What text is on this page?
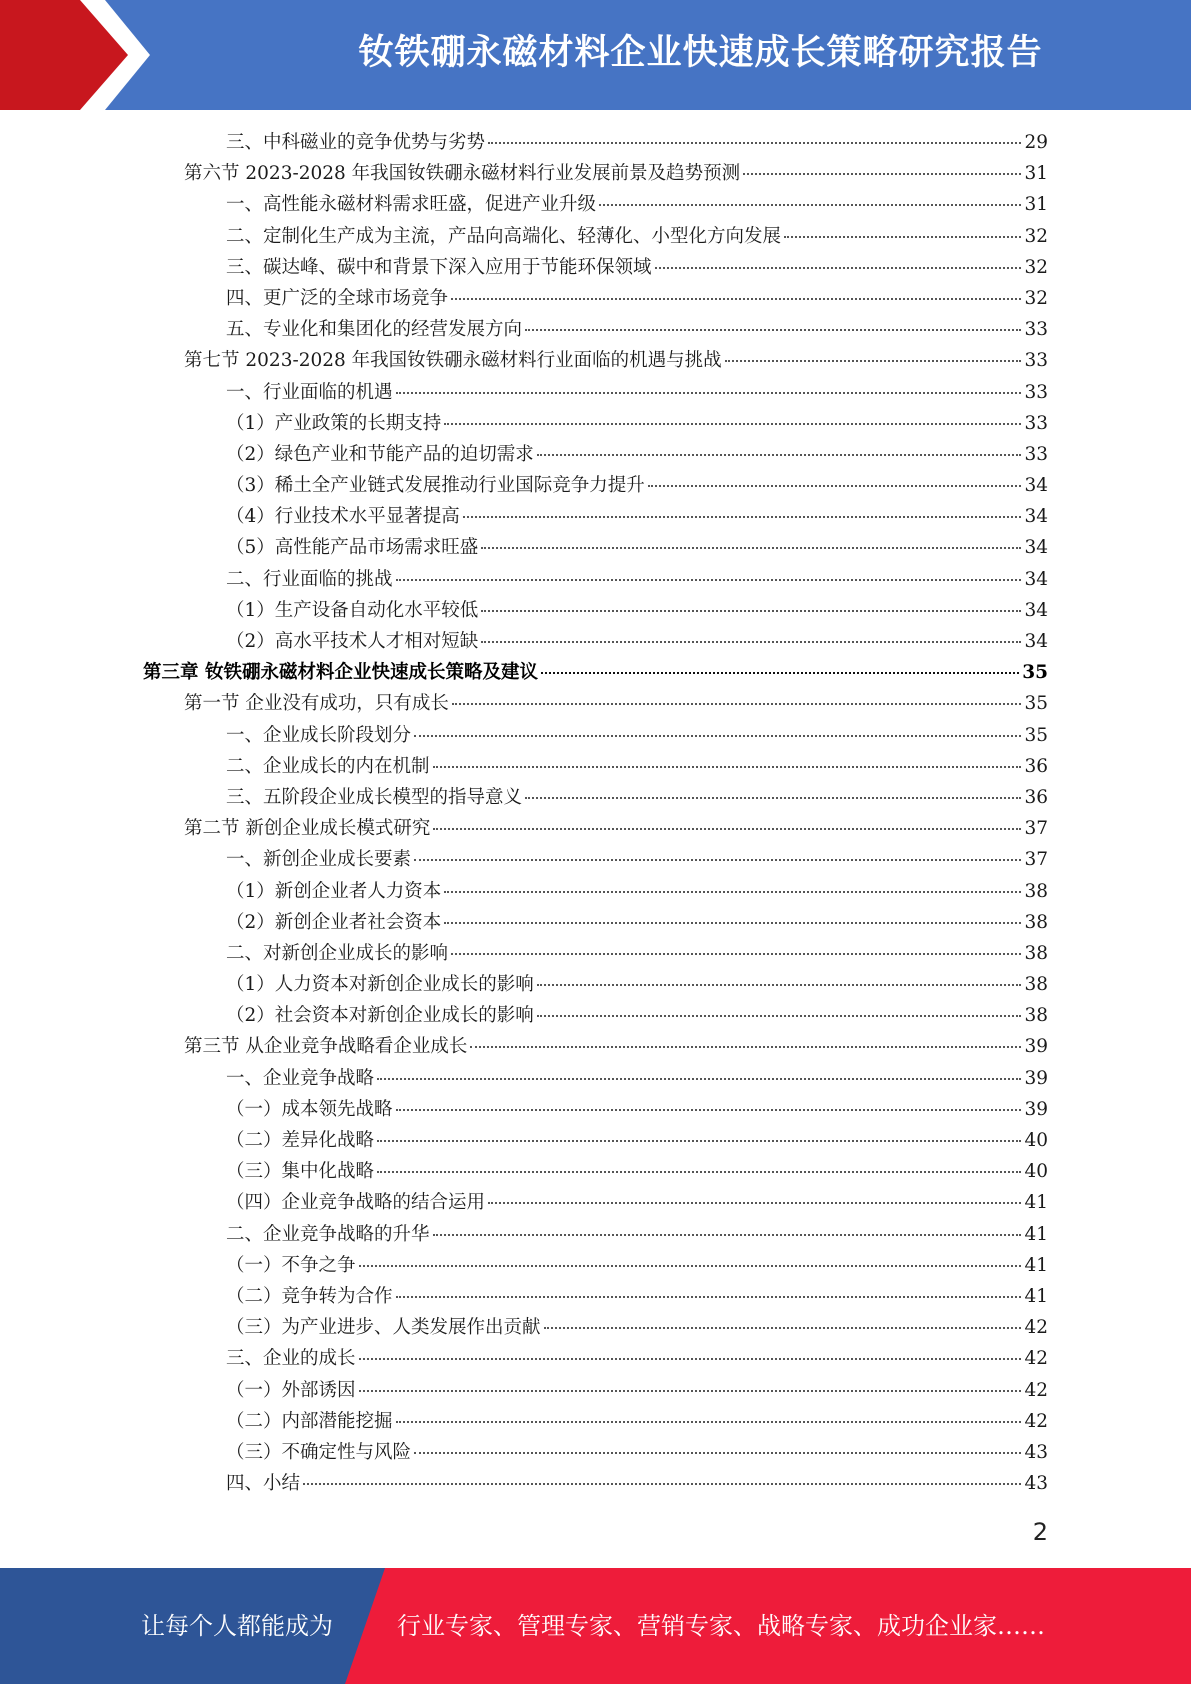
钕铁硼永磁材料企业快速成长策略研究报告
三、中科磁业的竞争优势与劣势	29
第六节 2023-2028 年我国钕铁硼永磁材料行业发展前景及趋势预测	31
一、高性能永磁材料需求旺盛，促进产业升级	31
二、定制化生产成为主流，产品向高端化、轻薄化、小型化方向发展	32
三、碳达峰、碳中和背景下深入应用于节能环保领域	32
四、更广泛的全球市场竞争	32
五、专业化和集团化的经营发展方向	33
第七节 2023-2028 年我国钕铁硼永磁材料行业面临的机遇与挑战	33
一、行业面临的机遇	33
（1）产业政策的长期支持	33
（2）绿色产业和节能产品的迫切需求	33
（3）稀土全产业链式发展推动行业国际竞争力提升	34
（4）行业技术水平显著提高	34
（5）高性能产品市场需求旺盛	34
二、行业面临的挑战	34
（1）生产设备自动化水平较低	34
（2）高水平技术人才相对短缺	34
第三章 钕铁硼永磁材料企业快速成长策略及建议	35
第一节 企业没有成功，只有成长	35
一、企业成长阶段划分	35
二、企业成长的内在机制	36
三、五阶段企业成长模型的指导意义	36
第二节 新创企业成长模式研究	37
一、新创企业成长要素	37
（1）新创企业者人力资本	38
（2）新创企业者社会资本	38
二、对新创企业成长的影响	38
（1）人力资本对新创企业成长的影响	38
（2）社会资本对新创企业成长的影响	38
第三节 从企业竞争战略看企业成长	39
一、企业竞争战略	39
（一）成本领先战略	39
（二）差异化战略	40
（三）集中化战略	40
（四）企业竞争战略的结合运用	41
二、企业竞争战略的升华	41
（一）不争之争	41
（二）竞争转为合作	41
（三）为产业进步、人类发展作出贡献	42
三、企业的成长	42
（一）外部诱因	42
（二）内部潜能挖掘	42
（三）不确定性与风险	43
四、小结	43
2
让每个人都能成为	行业专家、管理专家、营销专家、战略专家、成功企业家……
